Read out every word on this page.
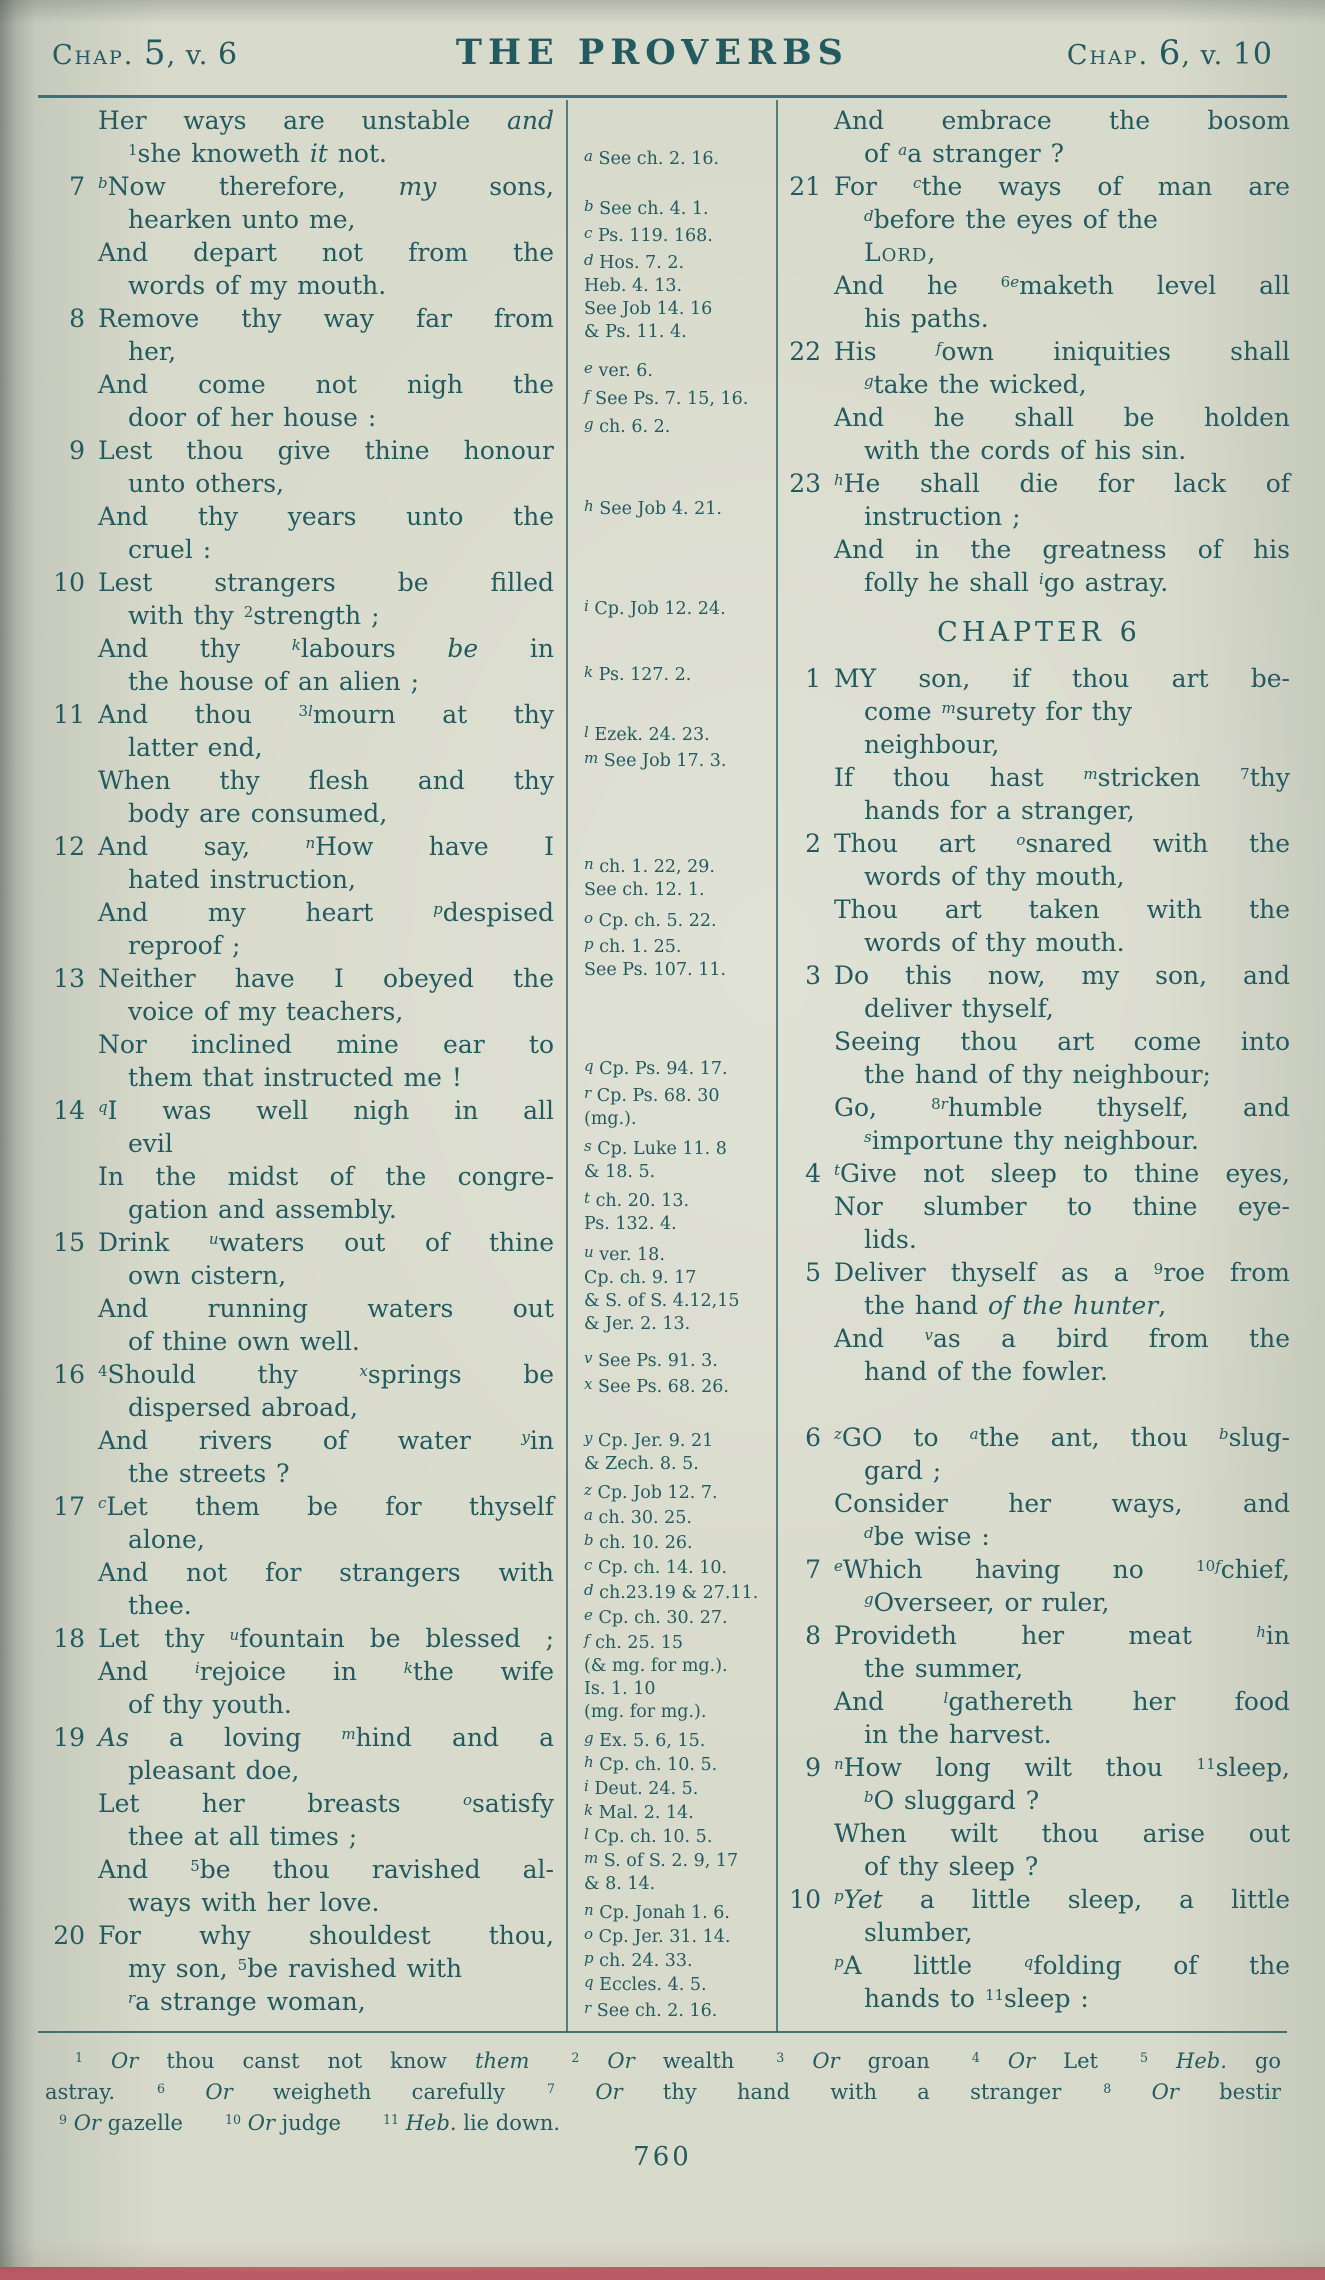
Chap. 5, v. 6	THE PROVERBS	Chap. 6, v. 10
Her ways are unstable and
$^1$she knoweth it not.
7 $^b$Now therefore, my sons,
hearken unto me,
And depart not from the
words of my mouth.
8 Remove thy way far from
her,
And come not nigh the
door of her house :
9 Lest thou give thine honour
unto others,
And thy years unto the
cruel :
10 Lest strangers be filled
with thy $^2$strength ;
And thy $^k$labours be in
the house of an alien ;
11 And thou $^{3l}$mourn at thy
latter end,
When thy flesh and thy
body are consumed,
12 And say, $^n$How have I
hated instruction,
And my heart $^p$despised
reproof ;
13 Neither have I obeyed the
voice of my teachers,
Nor inclined mine ear to
them that instructed me !
14 $^q$I was well nigh in all
evil
In the midst of the congre-
gation and assembly.
15 Drink $^u$waters out of thine
own cistern,
And running waters out
of thine own well.
16 $^4$Should thy $^x$springs be
dispersed abroad,
And rivers of water $^y$in
the streets ?
17 $^c$Let them be for thyself
alone,
And not for strangers with
thee.
18 Let thy $^u$fountain be blessed ;
And $^i$rejoice in $^k$the wife
of thy youth.
19 As a loving $^m$hind and a
pleasant doe,
Let her breasts $^o$satisfy
thee at all times ;
And $^5$be thou ravished al-
ways with her love.
20 For why shouldest thou,
my son, $^5$be ravished with
$^r$a strange woman,
a See ch. 2. 16.
b See ch. 4. 1.
c Ps. 119. 168.
d Hos. 7. 2.
Heb. 4. 13.
See Job 14. 16
& Ps. 11. 4.
e ver. 6.
f See Ps. 7. 15, 16.
g ch. 6. 2.
h See Job 4. 21.
i Cp. Job 12. 24.
k Ps. 127. 2.
l Ezek. 24. 23.
m See Job 17. 3.
n ch. 1. 22, 29.
See ch. 12. 1.
o Cp. ch. 5. 22.
p ch. 1. 25.
See Ps. 107. 11.
q Cp. Ps. 94. 17.
r Cp. Ps. 68. 30
(mg.).
s Cp. Luke 11. 8
& 18. 5.
t ch. 20. 13.
Ps. 132. 4.
u ver. 18.
Cp. ch. 9. 17
& S. of S. 4.12,15
& Jer. 2. 13.
v See Ps. 91. 3.
x See Ps. 68. 26.
y Cp. Jer. 9. 21
& Zech. 8. 5.
z Cp. Job 12. 7.
a ch. 30. 25.
b ch. 10. 26.
c Cp. ch. 14. 10.
d ch.23.19 & 27.11.
e Cp. ch. 30. 27.
f ch. 25. 15
(& mg. for mg.).
Is. 1. 10
(mg. for mg.).
g Ex. 5. 6, 15.
h Cp. ch. 10. 5.
i Deut. 24. 5.
k Mal. 2. 14.
l Cp. ch. 10. 5.
m S. of S. 2. 9, 17
& 8. 14.
n Cp. Jonah 1. 6.
o Cp. Jer. 31. 14.
p ch. 24. 33.
q Eccles. 4. 5.
r See ch. 2. 16.
And embrace the bosom
of $^a$a stranger ?
21 For $^c$the ways of man are
$^d$before the eyes of the
Lord,
And he $^{6e}$maketh level all
his paths.
22 His $^f$own iniquities shall
$^g$take the wicked,
And he shall be holden
with the cords of his sin.
23 $^h$He shall die for lack of
instruction ;
And in the greatness of his
folly he shall $^i$go astray.
CHAPTER 6
1 MY son, if thou art be-
come $^m$surety for thy
neighbour,
If thou hast $^m$stricken $^7$thy
hands for a stranger,
2 Thou art $^o$snared with the
words of thy mouth,
Thou art taken with the
words of thy mouth.
3 Do this now, my son, and
deliver thyself,
Seeing thou art come into
the hand of thy neighbour;
Go, $^{8r}$humble thyself, and
$^s$importune thy neighbour.
4 $^t$Give not sleep to thine eyes,
Nor slumber to thine eye-
lids.
5 Deliver thyself as a $^9$roe from
the hand of the hunter,
And $^v$as a bird from the
hand of the fowler.
6 $^z$GO to $^a$the ant, thou $^b$slug-
gard ;
Consider her ways, and
$^d$be wise :
7 $^e$Which having no $^{10f}$chief,
$^g$Overseer, or ruler,
8 Provideth her meat $^h$in
the summer,
And $^l$gathereth her food
in the harvest.
9 $^n$How long wilt thou $^{11}$sleep,
$^b$O sluggard ?
When wilt thou arise out
of thy sleep ?
10 $^p$Yet a little sleep, a little
slumber,
$^p$A little $^q$folding of the
hands to $^{11}$sleep :
$^1$ Or thou canst not know them  	$^2$ Or wealth  $^3$ Or groan  $^4$ Or Let  $^5$ Heb. go
astray.  $^6$ Or weigheth carefully  $^7$ Or thy hand with a stranger  $^8$ Or bestir
$^9$ Or gazelle  $^{10}$ Or judge  $^{11}$ Heb. lie down.
760
